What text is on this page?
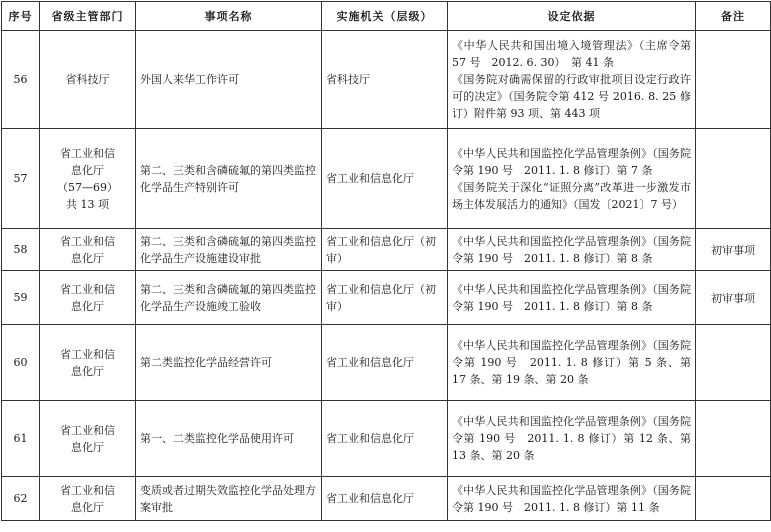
序号	省级主管部门	事项名称	实施机关（层级）	设定依据	备注
56	省科技厅	外国人来华工作许可	省科技厅	《中华人民共和国出境入境管理法》（主席令第 57 号　2012. 6. 30）　第 41 条
《国务院对确需保留的行政审批项目设定行政许可的决定》（国务院令第 412 号 2016. 8. 25 修订）附件第 93 项、第 443 项	

57	省工业和信
息化厅
（57—69）
共 13 项	第二、三类和含磷硫氟的第四类监控化学品生产特别许可	省工业和信息化厅	《中华人民共和国监控化学品管理条例》（国务院令第 190 号　2011. 1. 8 修订）第 7 条
《国务院关于深化“证照分离”改革进一步激发市场主体发展活力的通知》（国发〔2021〕7 号）	

58	省工业和信
息化厅	第二、三类和含磷硫氟的第四类监控化学品生产设施建设审批	省工业和信息化厅（初审）	《中华人民共和国监控化学品管理条例》（国务院令第 190 号　2011. 1. 8 修订）第 8 条	初审事项
59	省工业和信
息化厅	第二、三类和含磷硫氟的第四类监控化学品生产设施竣工验收	省工业和信息化厅（初审）	《中华人民共和国监控化学品管理条例》（国务院令第 190 号　2011. 1. 8 修订）第 8 条	初审事项
60	省工业和信
息化厅	第二类监控化学品经营许可	省工业和信息化厅	《中华人民共和国监控化学品管理条例》（国务院令第 190 号　2011. 1. 8 修订）第 5 条、第 17 条、第 19 条、第 20 条	

61	省工业和信
息化厅	第一、二类监控化学品使用许可	省工业和信息化厅	《中华人民共和国监控化学品管理条例》（国务院令第 190 号　2011. 1. 8 修订）第 12 条、第 13 条、第 20 条	

62	省工业和信
息化厅	变质或者过期失效监控化学品处理方案审批	省工业和信息化厅	《中华人民共和国监控化学品管理条例》（国务院令第 190 号　2011. 1. 8 修订）第 11 条	
